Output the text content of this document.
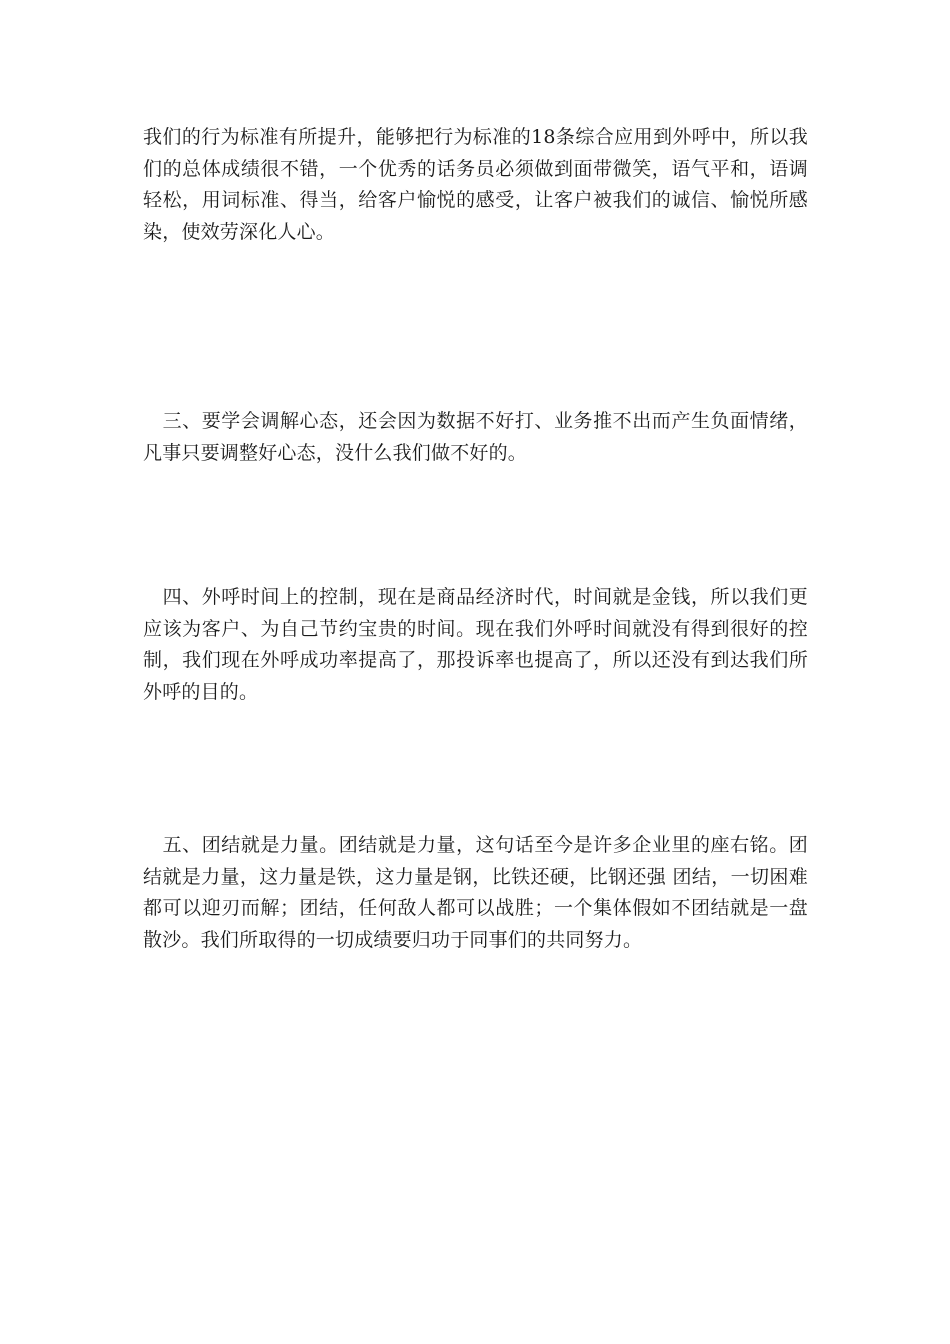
我们的行为标准有所提升，能够把行为标准的18条综合应用到外呼中，所以我们的总体成绩很不错，一个优秀的话务员必须做到面带微笑，语气平和，语调轻松，用词标准、得当，给客户愉悦的感受，让客户被我们的诚信、愉悦所感染，使效劳深化人心。

　三、要学会调解心态，还会因为数据不好打、业务推不出而产生负面情绪，凡事只要调整好心态，没什么我们做不好的。

　四、外呼时间上的控制，现在是商品经济时代，时间就是金钱，所以我们更应该为客户、为自己节约宝贵的时间。现在我们外呼时间就没有得到很好的控制，我们现在外呼成功率提高了，那投诉率也提高了，所以还没有到达我们所外呼的目的。

　五、团结就是力量。团结就是力量，这句话至今是许多企业里的座右铭。团结就是力量，这力量是铁，这力量是钢，比铁还硬，比钢还强 团结，一切困难都可以迎刃而解；团结，任何敌人都可以战胜；一个集体假如不团结就是一盘散沙。我们所取得的一切成绩要归功于同事们的共同努力。
